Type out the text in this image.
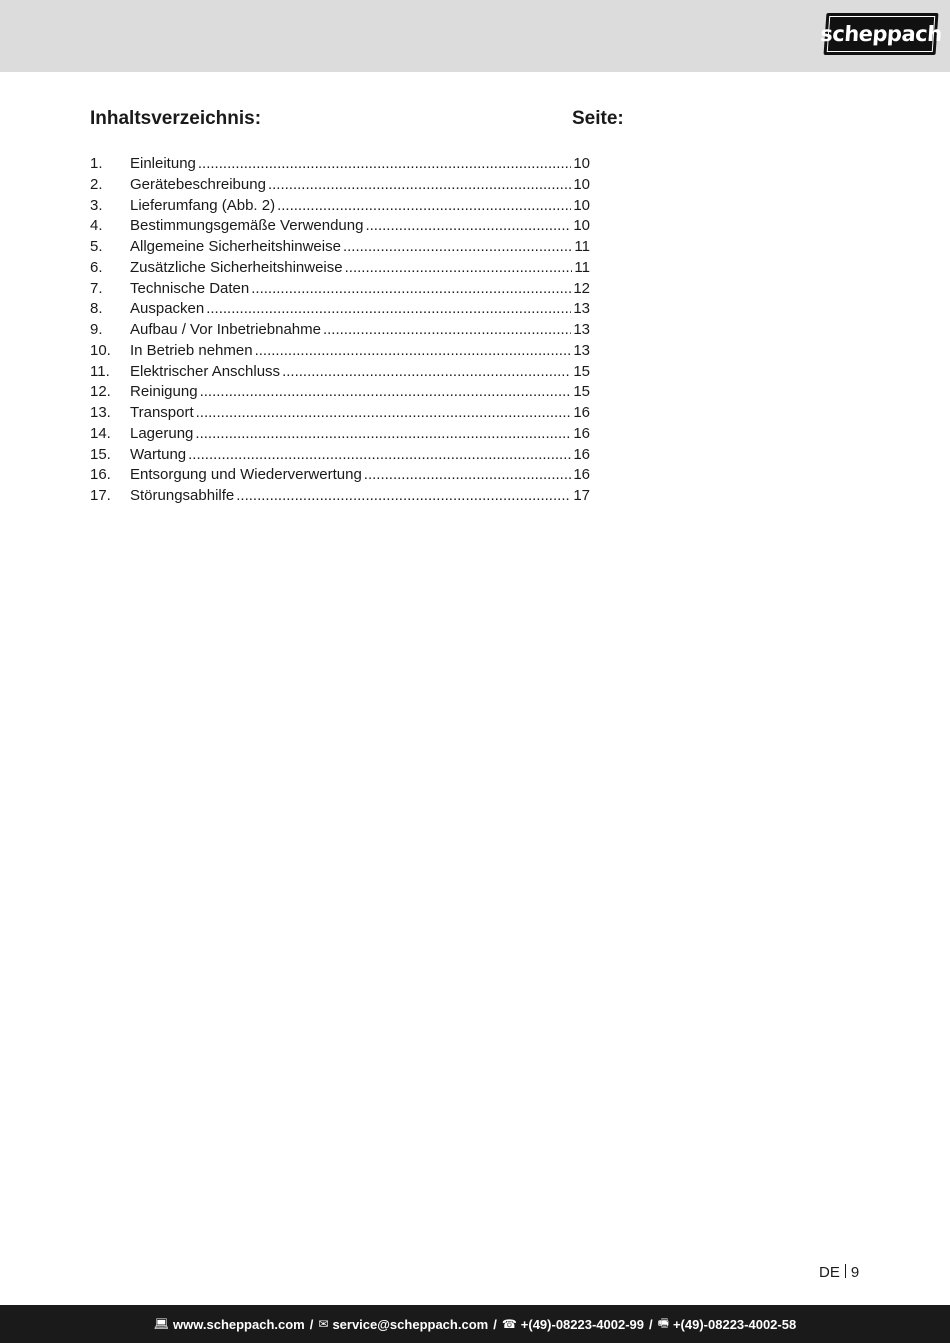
scheppach
Inhaltsverzeichnis:	Seite:
1.	Einleitung .....	10
2.	Gerätebeschreibung .....	10
3.	Lieferumfang (Abb. 2) .....	10
4.	Bestimmungsgemäße Verwendung .....	10
5.	Allgemeine Sicherheitshinweise .....	11
6.	Zusätzliche Sicherheitshinweise .....	11
7.	Technische Daten .....	12
8.	Auspacken .....	13
9.	Aufbau / Vor Inbetriebnahme .....	13
10.	In Betrieb nehmen .....	13
11.	Elektrischer Anschluss .....	15
12.	Reinigung .....	15
13.	Transport .....	16
14.	Lagerung .....	16
15.	Wartung .....	16
16.	Entsorgung und Wiederverwertung .....	16
17.	Störungsabhilfe .....	17
DE 9
💻︎ www.scheppach.com / ✉︎ service@scheppach.com / ☎︎ +(49)-08223-4002-99 / 🖷︎ +(49)-08223-4002-58
